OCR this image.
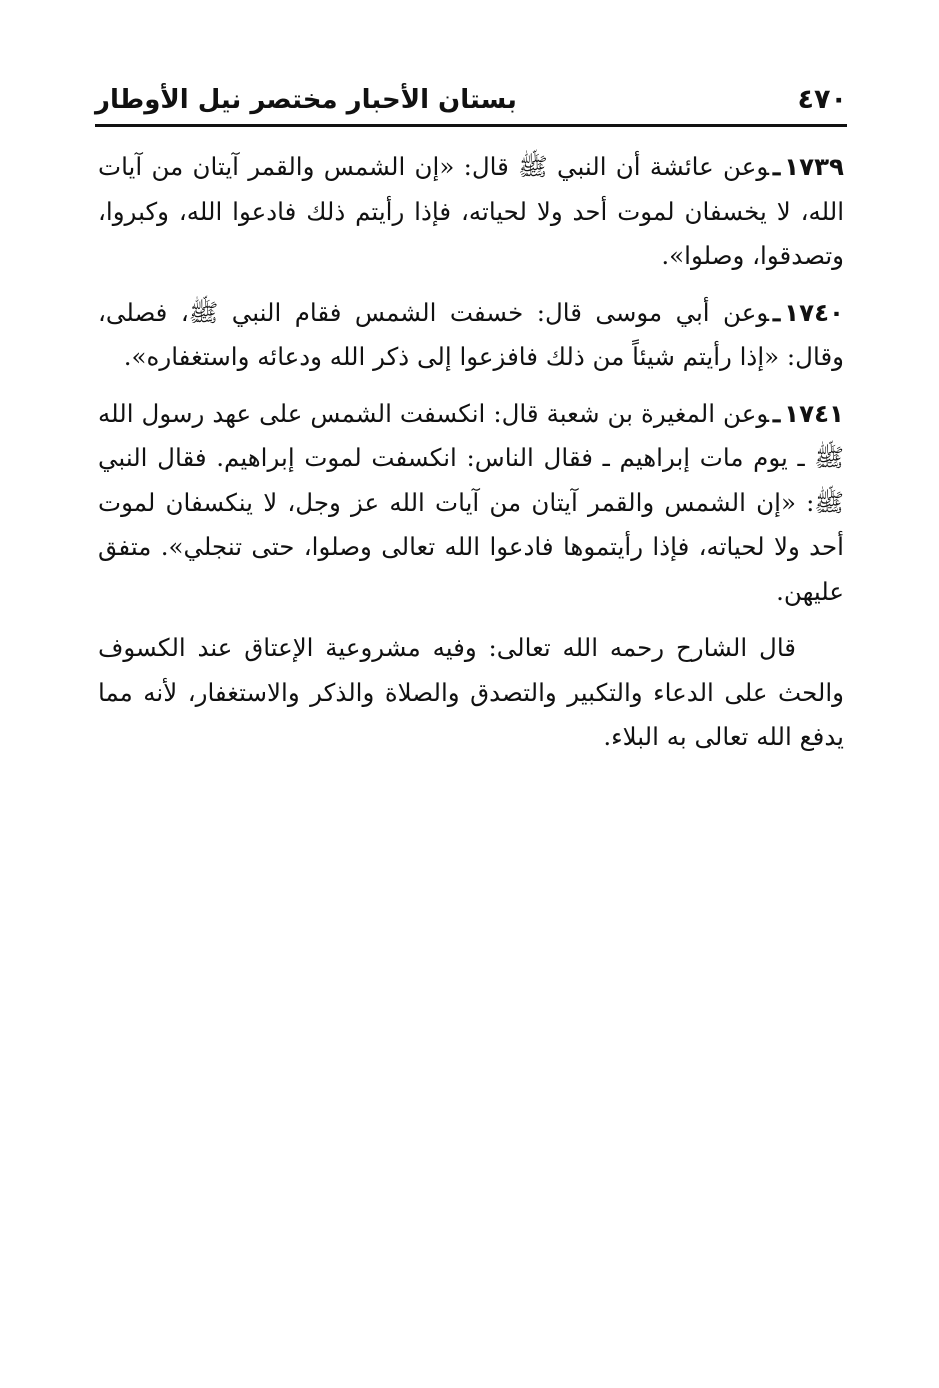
٤٧٠
بستان الأحبار مختصر نيل الأوطار

١٧٣٩ـوعن عائشة أن النبي ﷺ قال: «إن الشمس والقمر آيتان من آيات الله، لا يخسفان لموت أحد ولا لحياته، فإذا رأيتم ذلك فادعوا الله، وكبروا، وتصدقوا، وصلوا».

١٧٤٠ـوعن أبي موسى قال: خسفت الشمس فقام النبي ﷺ، فصلى، وقال: «إذا رأيتم شيئاً من ذلك فافزعوا إلى ذكر الله ودعائه واستغفاره».

١٧٤١ـوعن المغيرة بن شعبة قال: انكسفت الشمس على عهد رسول الله ﷺ ـ يوم مات إبراهيم ـ فقال الناس: انكسفت لموت إبراهيم. فقال النبي ﷺ: «إن الشمس والقمر آيتان من آيات الله عز وجل، لا ينكسفان لموت أحد ولا لحياته، فإذا رأيتموها فادعوا الله تعالى وصلوا، حتى تنجلي». متفق عليهن.

قال الشارح رحمه الله تعالى: وفيه مشروعية الإعتاق عند الكسوف والحث على الدعاء والتكبير والتصدق والصلاة والذكر والاستغفار، لأنه مما يدفع الله تعالى به البلاء.
